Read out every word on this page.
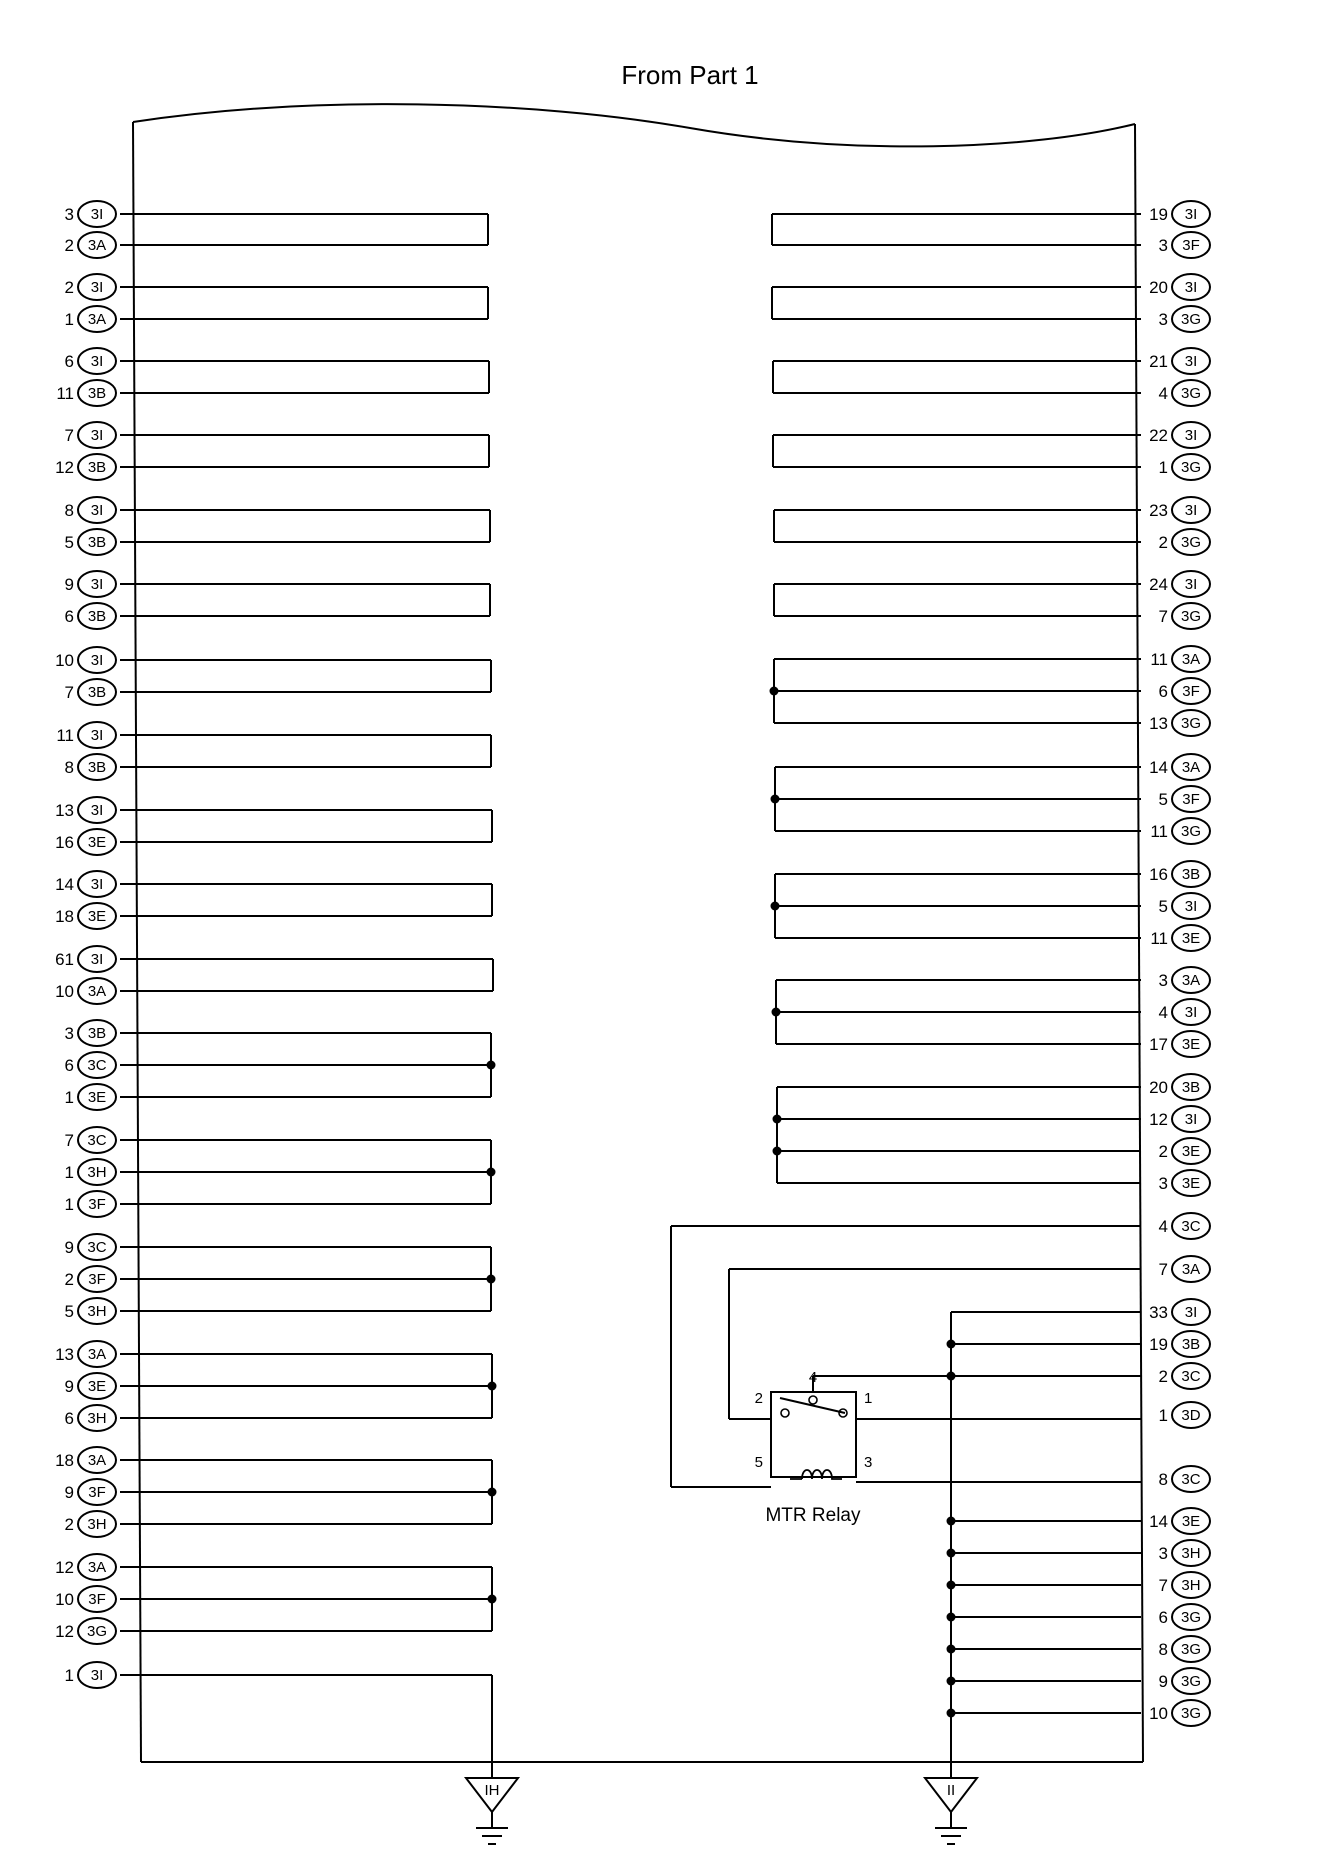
From Part 1
3 3I
2 3A
2 3I
1 3A
6 3I
11 3B
7 3I
12 3B
8 3I
5 3B
9 3I
6 3B
10 3I
7 3B
11 3I
8 3B
13 3I
16 3E
14 3I
18 3E
61 3I
10 3A
3 3B
6 3C
1 3E
7 3C
1 3H
1 3F
9 3C
2 3F
5 3H
13 3A
9 3E
6 3H
18 3A
9 3F
2 3H
12 3A
10 3F
12 3G
1 3I
19 3I
3 3F
20 3I
3 3G
21 3I
4 3G
22 3I
1 3G
23 3I
2 3G
24 3I
7 3G
11 3A
6 3F
13 3G
14 3A
5 3F
11 3G
16 3B
5 3I
11 3E
3 3A
4 3I
17 3E
20 3B
12 3I
2 3E
3 3E
4 3C
7 3A
1 3D
8 3C
33 3I
19 3B
2 3C
14 3E
3 3H
7 3H
6 3G
8 3G
9 3G
10 3G
4
2	1
5	3
MTR Relay
IH	II
